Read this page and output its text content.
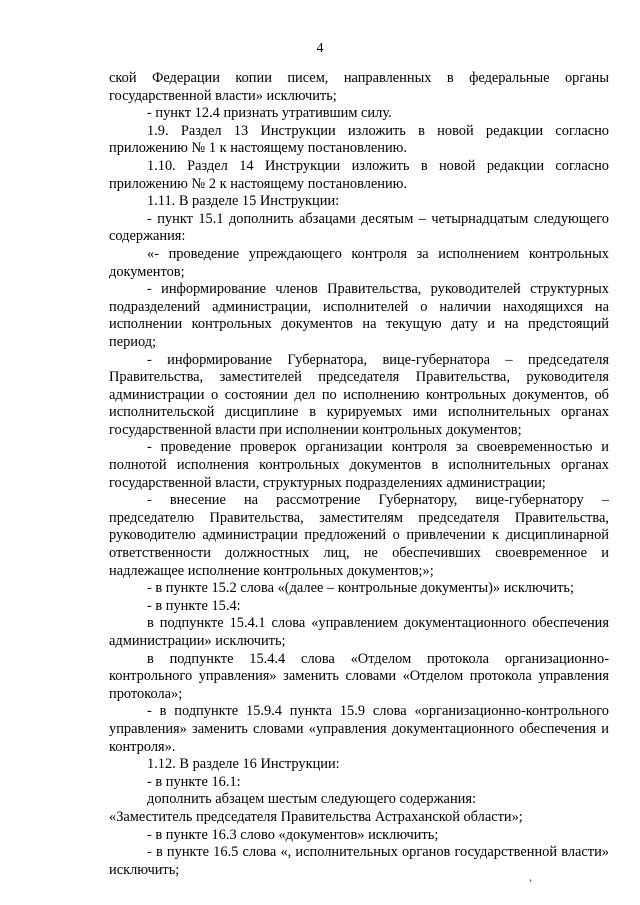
4

ской Федерации копии писем, направленных в федеральные органы государственной власти» исключить;

- пункт 12.4 признать утратившим силу.

1.9. Раздел 13 Инструкции изложить в новой редакции согласно приложению № 1 к настоящему постановлению.

1.10. Раздел 14 Инструкции изложить в новой редакции согласно приложению № 2 к настоящему постановлению.

1.11. В разделе 15 Инструкции:

- пункт 15.1 дополнить абзацами десятым – четырнадцатым следующего содержания:

«- проведение упреждающего контроля за исполнением контрольных документов;

- информирование членов Правительства, руководителей структурных подразделений администрации, исполнителей о наличии находящихся на исполнении контрольных документов на текущую дату и на предстоящий период;

- информирование Губернатора, вице-губернатора – председателя Правительства, заместителей председателя Правительства, руководителя администрации о состоянии дел по исполнению контрольных документов, об исполнительской дисциплине в курируемых ими исполнительных органах государственной власти при исполнении контрольных документов;

- проведение проверок организации контроля за своевременностью и полнотой исполнения контрольных документов в исполнительных органах государственной власти, структурных подразделениях администрации;

- внесение на рассмотрение Губернатору, вице-губернатору – председателю Правительства, заместителям председателя Правительства, руководителю администрации предложений о привлечении к дисциплинарной ответственности должностных лиц, не обеспечивших своевременное и надлежащее исполнение контрольных документов;»;

- в пункте 15.2 слова «(далее – контрольные документы)» исключить;

- в пункте 15.4:

в подпункте 15.4.1 слова «управлением документационного обеспечения администрации» исключить;

в подпункте 15.4.4 слова «Отделом протокола организационно-контрольного управления» заменить словами «Отделом протокола управления протокола»;

- в подпункте 15.9.4 пункта 15.9 слова «организационно-контрольного управления» заменить словами «управления документационного обеспечения и контроля».

1.12. В разделе 16 Инструкции:

- в пункте 16.1:

дополнить абзацем шестым следующего содержания:

«Заместитель председателя Правительства Астраханской области»;

- в пункте 16.3 слово «документов» исключить;

- в пункте 16.5 слова «, исполнительных органов государственной власти» исключить;	‚
